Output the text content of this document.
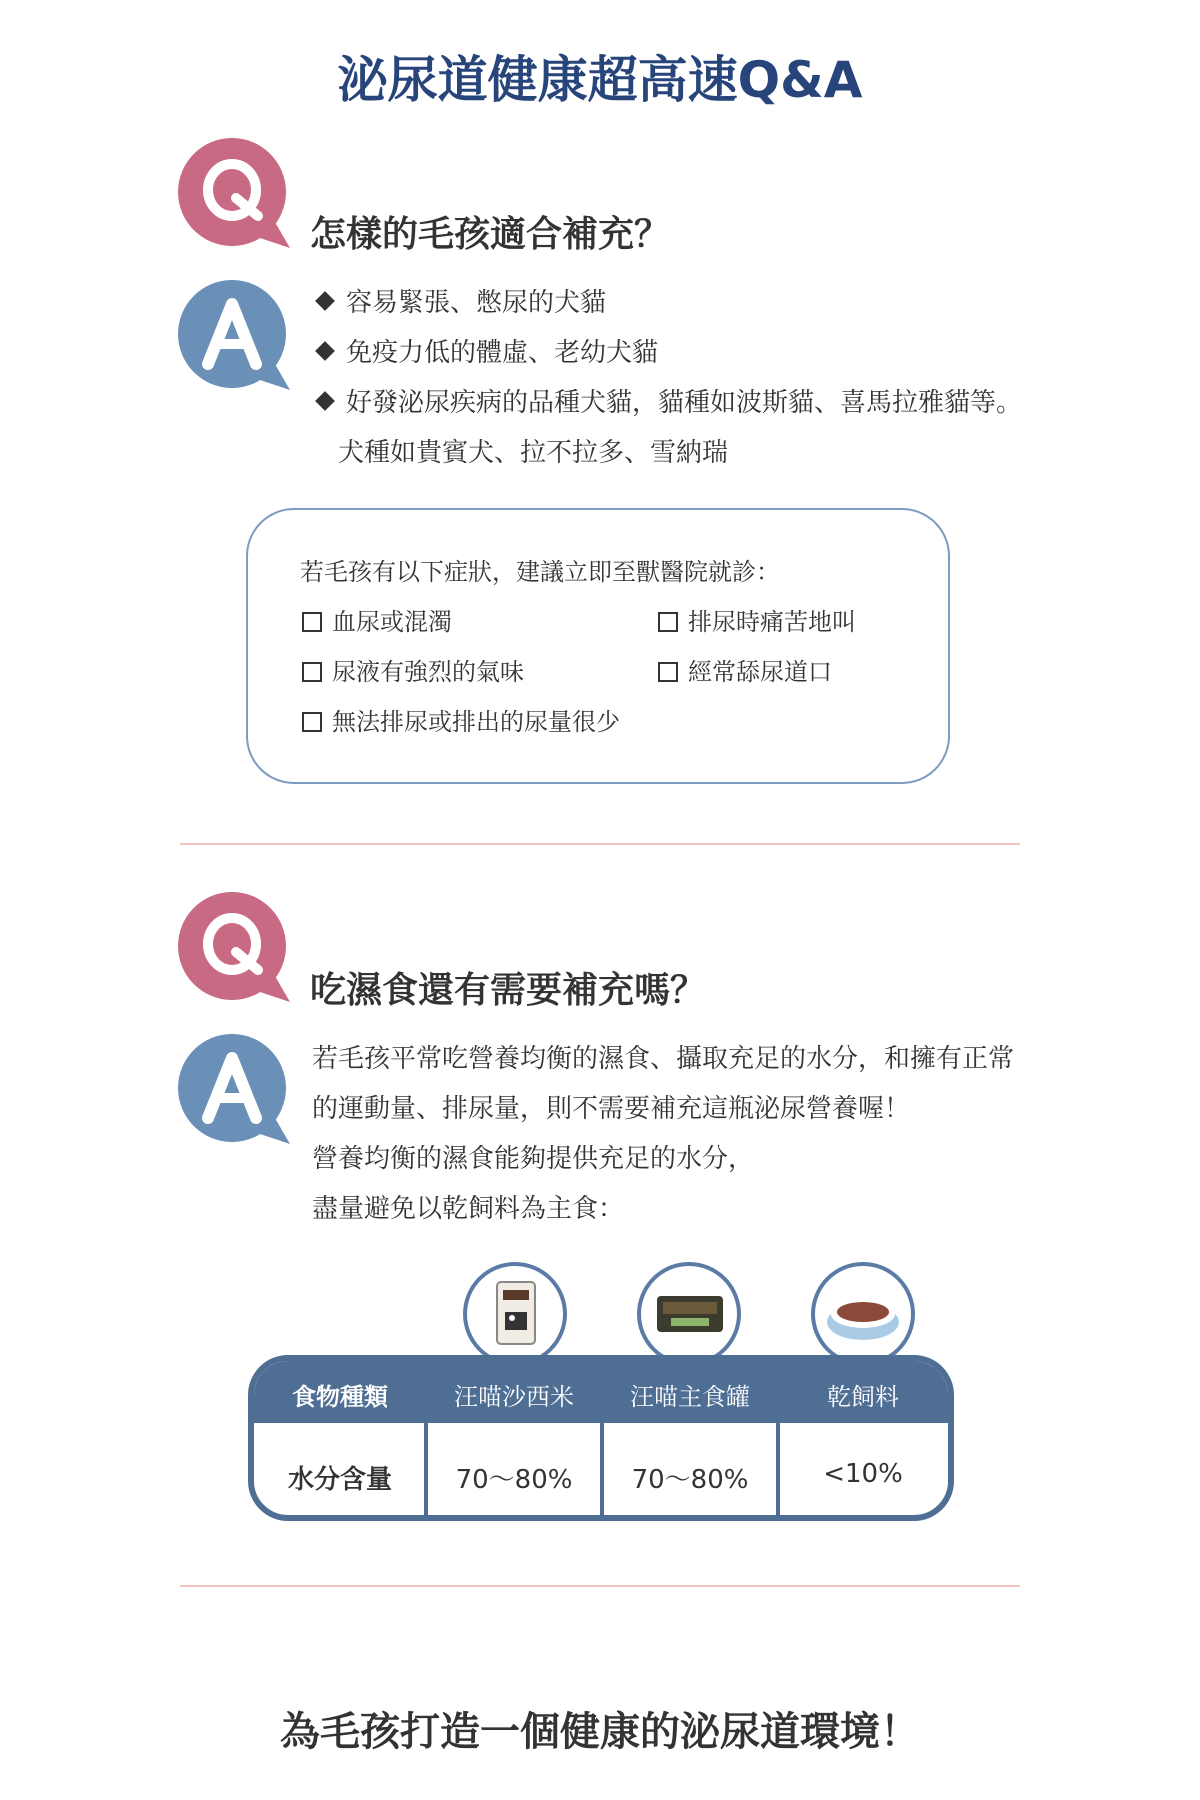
泌尿道健康超高速Q&A
怎樣的毛孩適合補充？
容易緊張、憋尿的犬貓
免疫力低的體虛、老幼犬貓
好發泌尿疾病的品種犬貓，貓種如波斯貓、喜馬拉雅貓等。
犬種如貴賓犬、拉不拉多、雪納瑞
若毛孩有以下症狀，建議立即至獸醫院就診：
血尿或混濁	排尿時痛苦地叫
尿液有強烈的氣味	經常舔尿道口
無法排尿或排出的尿量很少
吃濕食還有需要補充嗎？
若毛孩平常吃營養均衡的濕食、攝取充足的水分，和擁有正常
的運動量、排尿量，則不需要補充這瓶泌尿營養喔！
營養均衡的濕食能夠提供充足的水分，
盡量避免以乾飼料為主食：
食物種類	汪喵沙西米	汪喵主食罐	乾飼料
水分含量	70～80%	70～80%	<10%
為毛孩打造一個健康的泌尿道環境！
